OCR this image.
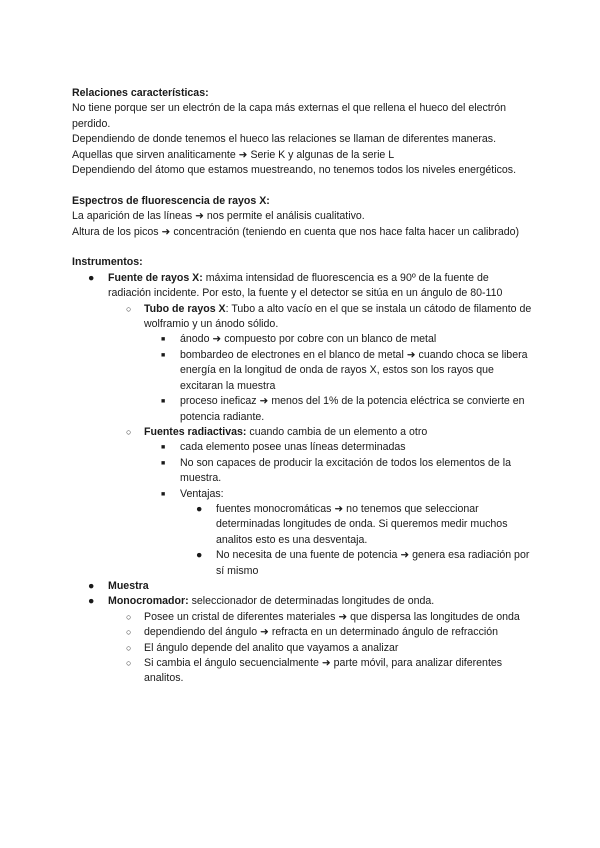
Relaciones características:

No tiene porque ser un electrón de la capa más externas el que rellena el hueco del electrón perdido.

Dependiendo de donde tenemos el hueco las relaciones se llaman de diferentes maneras.

Aquellas que sirven analiticamente ➜ Serie K y algunas de la serie L

Dependiendo del átomo que estamos muestreando, no tenemos todos los niveles energéticos.

Espectros de fluorescencia de rayos X:

La aparición de las líneas ➜ nos permite el análisis cualitativo.

Altura de los picos ➜ concentración (teniendo en cuenta que nos hace falta hacer un calibrado)

Instrumentos:

● Fuente de rayos X: máxima intensidad de fluorescencia es a 90º de la fuente de radiación incidente. Por esto, la fuente y el detector se sitúa en un ángulo de 80-110
○ Tubo de rayos X: Tubo a alto vacío en el que se instala un cátodo de filamento de wolframio y un ánodo sólido.
■ ánodo ➜ compuesto por cobre con un blanco de metal
■ bombardeo de electrones en el blanco de metal ➜ cuando choca se libera energía en la longitud de onda de rayos X, estos son los rayos que excitaran la muestra
■ proceso ineficaz ➜ menos del 1% de la potencia eléctrica se convierte en potencia radiante.
○ Fuentes radiactivas: cuando cambia de un elemento a otro
■ cada elemento posee unas líneas determinadas
■ No son capaces de producir la excitación de todos los elementos de la muestra.
■ Ventajas:
● fuentes monocromáticas ➜ no tenemos que seleccionar determinadas longitudes de onda. Si queremos medir muchos analitos esto es una desventaja.
● No necesita de una fuente de potencia ➜ genera esa radiación por sí mismo
● Muestra
● Monocromador: seleccionador de determinadas longitudes de onda.
○ Posee un cristal de diferentes materiales ➜ que dispersa las longitudes de onda
○ dependiendo del ángulo ➜ refracta en un determinado ángulo de refracción
○ El ángulo depende del analito que vayamos a analizar
○ Si cambia el ángulo secuencialmente ➜ parte móvil, para analizar diferentes analitos.
